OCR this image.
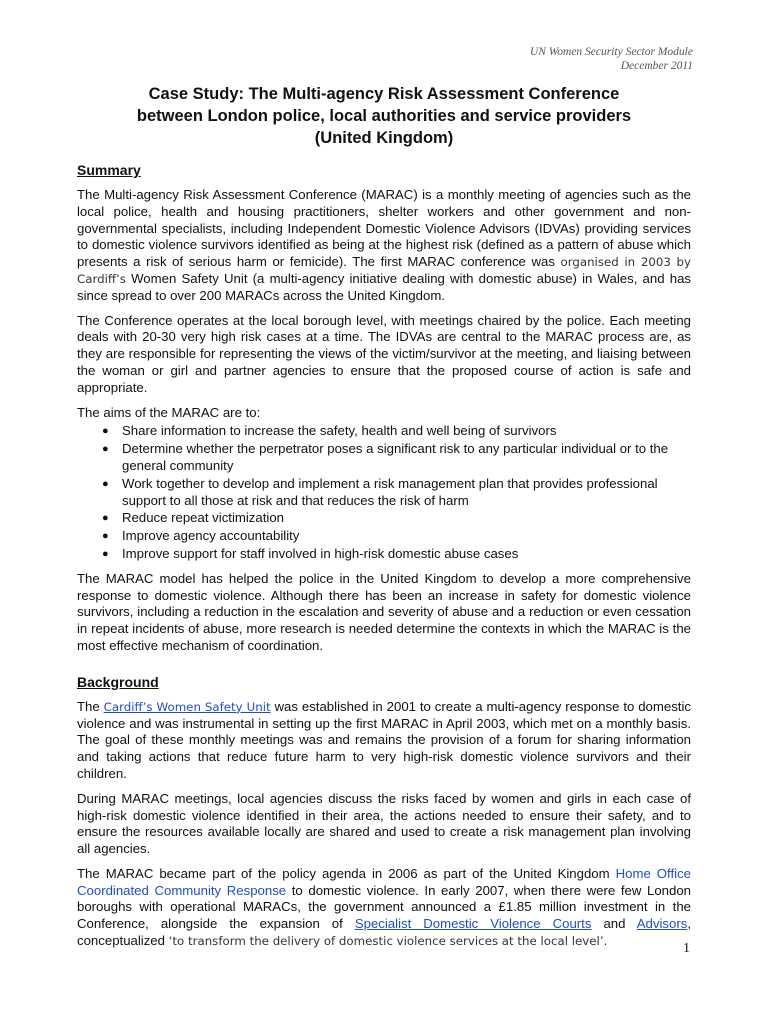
UN Women Security Sector Module
December 2011
Case Study: The Multi-agency Risk Assessment Conference
between London police, local authorities and service providers
(United Kingdom)
Summary

The Multi-agency Risk Assessment Conference (MARAC) is a monthly meeting of agencies such as the local police, health and housing practitioners, shelter workers and other government and non-governmental specialists, including Independent Domestic Violence Advisors (IDVAs) providing services to domestic violence survivors identified as being at the highest risk (defined as a pattern of abuse which presents a risk of serious harm or femicide). The first MARAC conference was organised in 2003 by Cardiff’s Women Safety Unit (a multi-agency initiative dealing with domestic abuse) in Wales, and has since spread to over 200 MARACs across the United Kingdom.

The Conference operates at the local borough level, with meetings chaired by the police. Each meeting deals with 20-30 very high risk cases at a time. The IDVAs are central to the MARAC process are, as they are responsible for representing the views of the victim/survivor at the meeting, and liaising between the woman or girl and partner agencies to ensure that the proposed course of action is safe and appropriate.

The aims of the MARAC are to:

● Share information to increase the safety, health and well being of survivors
● Determine whether the perpetrator poses a significant risk to any particular individual or to the general community
● Work together to develop and implement a risk management plan that provides professional support to all those at risk and that reduces the risk of harm
● Reduce repeat victimization
● Improve agency accountability
● Improve support for staff involved in high-risk domestic abuse cases

The MARAC model has helped the police in the United Kingdom to develop a more comprehensive response to domestic violence. Although there has been an increase in safety for domestic violence survivors, including a reduction in the escalation and severity of abuse and a reduction or even cessation in repeat incidents of abuse, more research is needed determine the contexts in which the MARAC is the most effective mechanism of coordination.

Background

The Cardiff’s Women Safety Unit was established in 2001 to create a multi-agency response to domestic violence and was instrumental in setting up the first MARAC in April 2003, which met on a monthly basis. The goal of these monthly meetings was and remains the provision of a forum for sharing information and taking actions that reduce future harm to very high-risk domestic violence survivors and their children.

During MARAC meetings, local agencies discuss the risks faced by women and girls in each case of high-risk domestic violence identified in their area, the actions needed to ensure their safety, and to ensure the resources available locally are shared and used to create a risk management plan involving all agencies.

The MARAC became part of the policy agenda in 2006 as part of the United Kingdom Home Office Coordinated Community Response to domestic violence. In early 2007, when there were few London boroughs with operational MARACs, the government announced a £1.85 million investment in the Conference, alongside the expansion of Specialist Domestic Violence Courts and Advisors, conceptualized ‘to transform the delivery of domestic violence services at the local level’.	1
